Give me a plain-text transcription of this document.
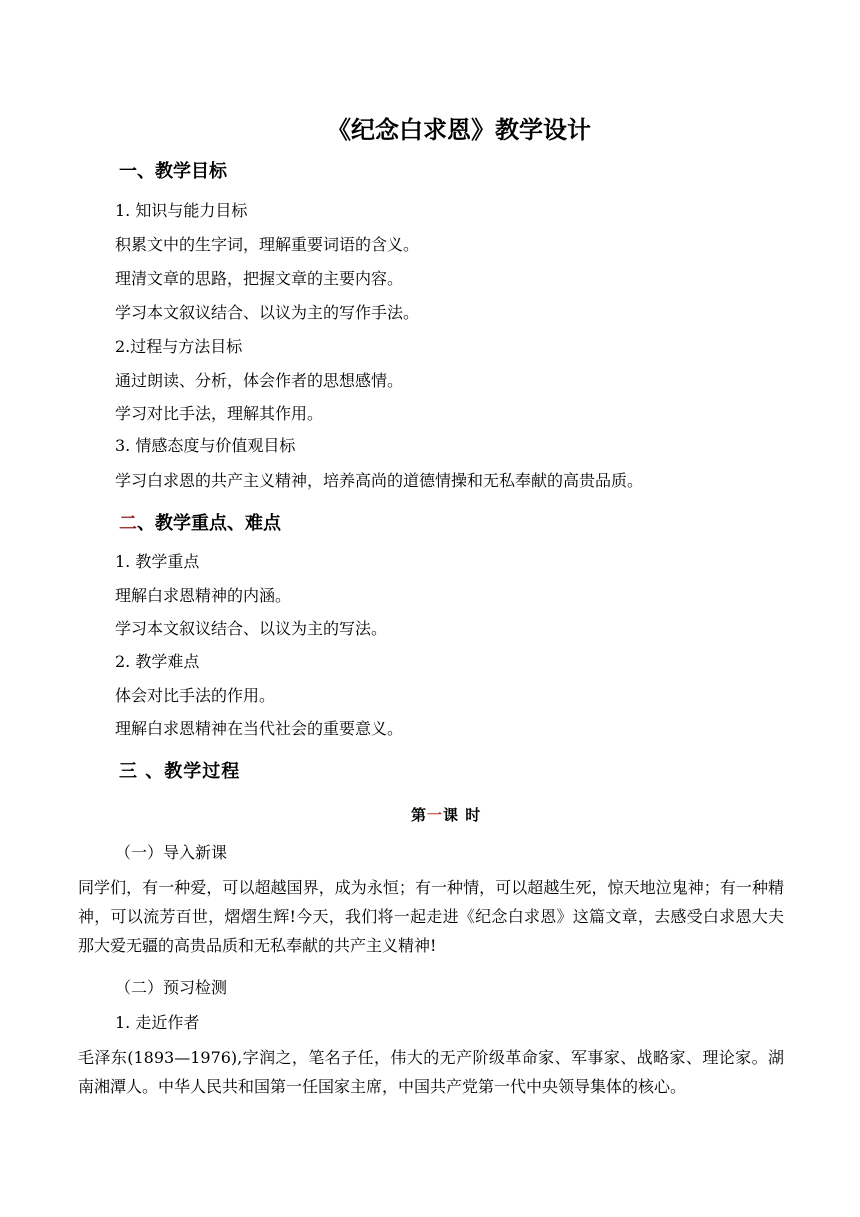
《纪念白求恩》教学设计
一、教学目标
1. 知识与能力目标
积累文中的生字词，理解重要词语的含义。
理清文章的思路，把握文章的主要内容。
学习本文叙议结合、以议为主的写作手法。
2.过程与方法目标
通过朗读、分析，体会作者的思想感情。
学习对比手法，理解其作用。
3. 情感态度与价值观目标
学习白求恩的共产主义精神，培养高尚的道德情操和无私奉献的高贵品质。
二、教学重点、难点
1. 教学重点
理解白求恩精神的内涵。
学习本文叙议结合、以议为主的写法。
2. 教学难点
体会对比手法的作用。
理解白求恩精神在当代社会的重要意义。
三 、教学过程
第一课 时
（一）导入新课
同学们，有一种爱，可以超越国界，成为永恒；有一种情，可以超越生死，惊天地泣鬼神；有一种精神，可以流芳百世，熠熠生辉!今天，我们将一起走进《纪念白求恩》这篇文章，去感受白求恩大夫那大爱无疆的高贵品质和无私奉献的共产主义精神!
（二）预习检测
1. 走近作者
毛泽东(1893—1976),字润之，笔名子任，伟大的无产阶级革命家、军事家、战略家、理论家。湖南湘潭人。中华人民共和国第一任国家主席，中国共产党第一代中央领导集体的核心。
